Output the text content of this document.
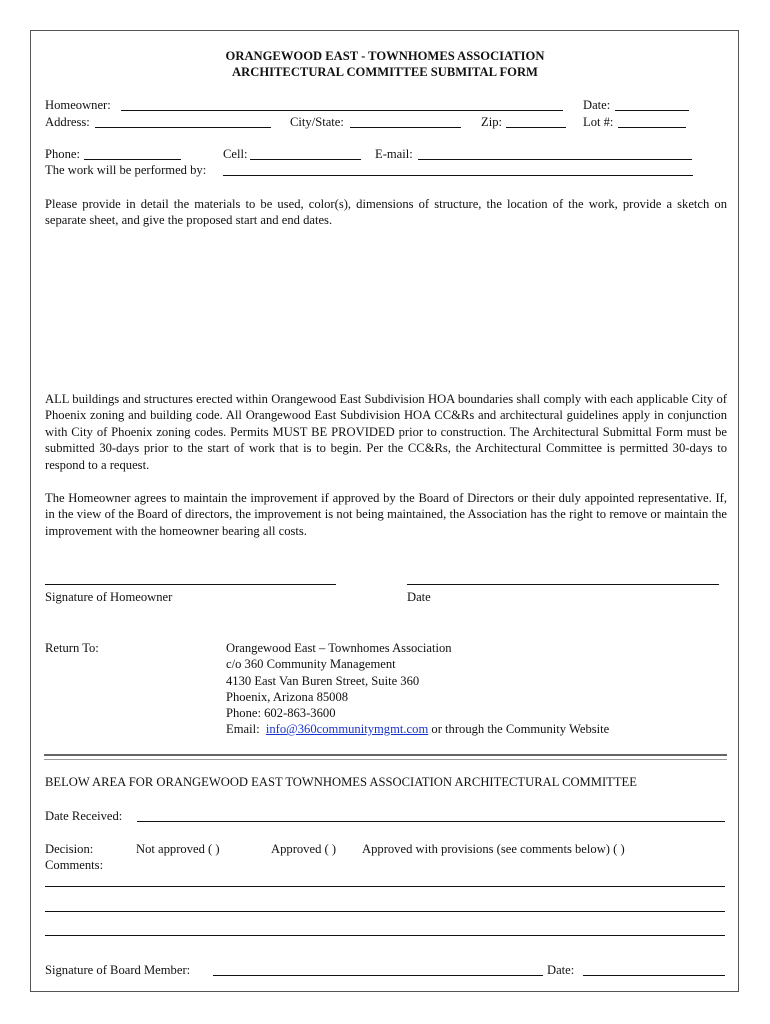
ORANGEWOOD EAST - TOWNHOMES ASSOCIATION
ARCHITECTURAL COMMITTEE SUBMITAL FORM
Homeowner:	Date:
Address:	City/State:	Zip:	Lot #:
Phone:	Cell:	E-mail:
The work will be performed by:
Please provide in detail the materials to be used, color(s), dimensions of structure, the location of the work, provide a sketch on separate sheet, and give the proposed start and end dates.
ALL buildings and structures erected within Orangewood East Subdivision HOA boundaries shall comply with each applicable City of Phoenix zoning and building code. All Orangewood East Subdivision HOA CC&Rs and architectural guidelines apply in conjunction with City of Phoenix zoning codes. Permits MUST BE PROVIDED prior to construction. The Architectural Submittal Form must be submitted 30-days prior to the start of work that is to begin. Per the CC&Rs, the Architectural Committee is permitted 30-days to respond to a request.
The Homeowner agrees to maintain the improvement if approved by the Board of Directors or their duly appointed representative. If, in the view of the Board of directors, the improvement is not being maintained, the Association has the right to remove or maintain the improvement with the homeowner bearing all costs.
Signature of Homeowner	Date
Return To:	Orangewood East – Townhomes Association
c/o 360 Community Management
4130 East Van Buren Street, Suite 360
Phoenix, Arizona 85008
Phone: 602-863-3600
Email:  info@360communitymgmt.com or through the Community Website
BELOW AREA FOR ORANGEWOOD EAST TOWNHOMES ASSOCIATION ARCHITECTURAL COMMITTEE
Date Received:
Decision:	Not approved ( )	Approved ( ) Approved with provisions (see comments below) ( )
Comments:
Signature of Board Member:	Date:
